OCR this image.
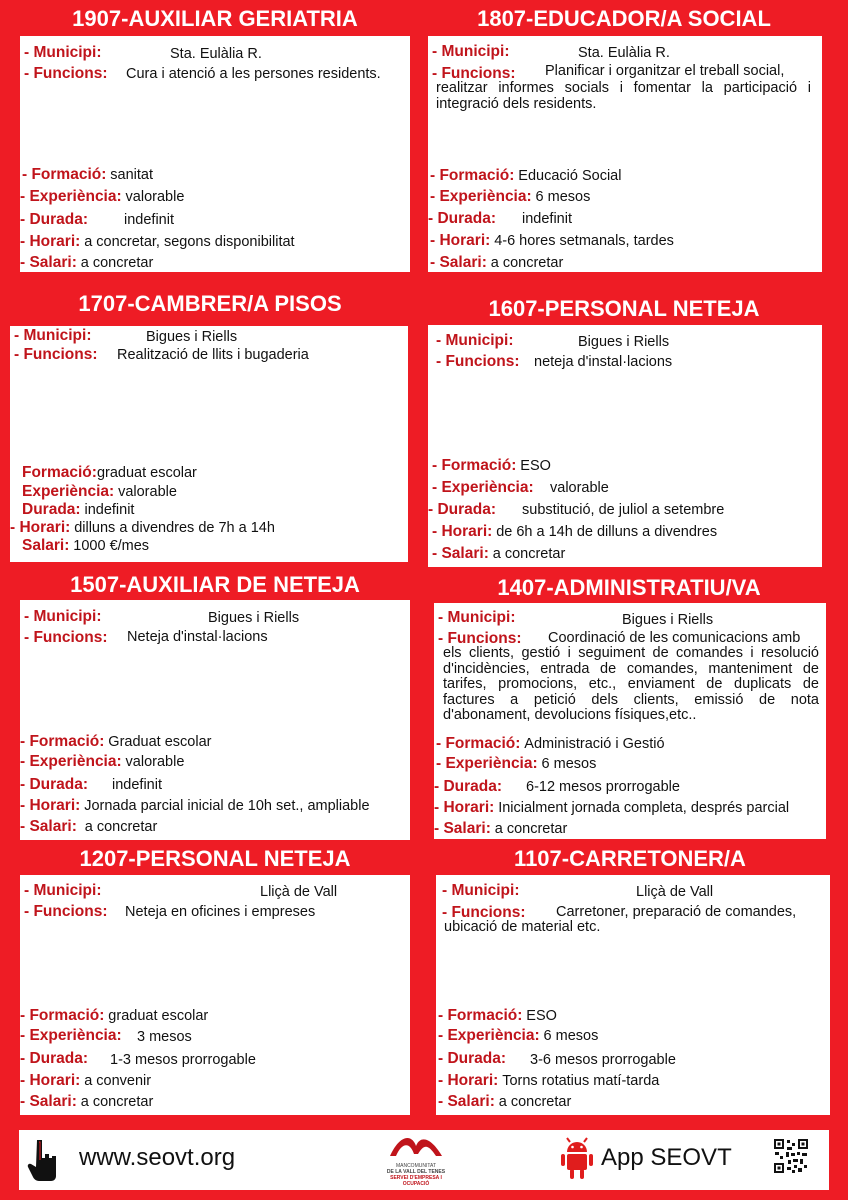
1907-AUXILIAR GERIATRIA
- Municipi:	Sta. Eulàlia R.
- Funcions: Cura i atenció a les persones residents.
- Formació: sanitat
- Experiència: valorable
- Durada: indefinit
- Horari: a concretar, segons disponibilitat
- Salari: a concretar
1807-EDUCADOR/A SOCIAL
- Municipi:	Sta. Eulàlia R.
- Funcions: Planificar i organitzar el treball social,
realitzar informes socials i fomentar la participació i integració dels residents.
- Formació: Educació Social
- Experiència: 6 mesos
- Durada: indefinit
- Horari: 4-6 hores setmanals, tardes
- Salari: a concretar
1707-CAMBRER/A PISOS
- Municipi:	Bigues i Riells
- Funcions: Realització de llits i bugaderia
Formació:graduat escolar
Experiència: valorable
Durada: indefinit
- Horari: dilluns a divendres de 7h a 14h
Salari: 1000 €/mes
1607-PERSONAL NETEJA
- Municipi:	Bigues i Riells
- Funcions: neteja d'instal·lacions
- Formació: ESO
- Experiència: valorable
- Durada: substitució, de juliol a setembre
- Horari: de 6h a 14h de dilluns a divendres
- Salari: a concretar
1507-AUXILIAR DE NETEJA
- Municipi:	Bigues i Riells
- Funcions: Neteja d'instal·lacions
- Formació: Graduat escolar
- Experiència: valorable
- Durada: indefinit
- Horari: Jornada parcial inicial de 10h set., ampliable
- Salari: a concretar
1407-ADMINISTRATIU/VA
- Municipi:	Bigues i Riells
- Funcions: Coordinació de les comunicacions amb
els clients, gestió i seguiment de comandes i resolució d'incidències, entrada de comandes, manteniment de tarifes, promocions, etc., enviament de duplicats de factures a petició dels clients, emissió de nota d'abonament, devolucions físiques,etc..
- Formació: Administració i Gestió
- Experiència: 6 mesos
- Durada: 6-12 mesos prorrogable
- Horari: Inicialment jornada completa, després parcial
- Salari: a concretar
1207-PERSONAL NETEJA
- Municipi:	Lliçà de Vall
- Funcions: Neteja en oficines i empreses
- Formació: graduat escolar
- Experiència: 3 mesos
- Durada: 1-3 mesos prorrogable
- Horari: a convenir
- Salari: a concretar
1107-CARRETONER/A
- Municipi:	Lliçà de Vall
- Funcions: Carretoner, preparació de comandes,
ubicació de material etc.
- Formació: ESO
- Experiència: 6 mesos
- Durada: 3-6 mesos prorrogable
- Horari: Torns rotatius matí-tarda
- Salari: a concretar
www.seovt.org	MANCOMUNITAT
DE LA VALL DEL TENES
SERVEI D'EMPRESA I
OCUPACIÓ
App SEOVT
